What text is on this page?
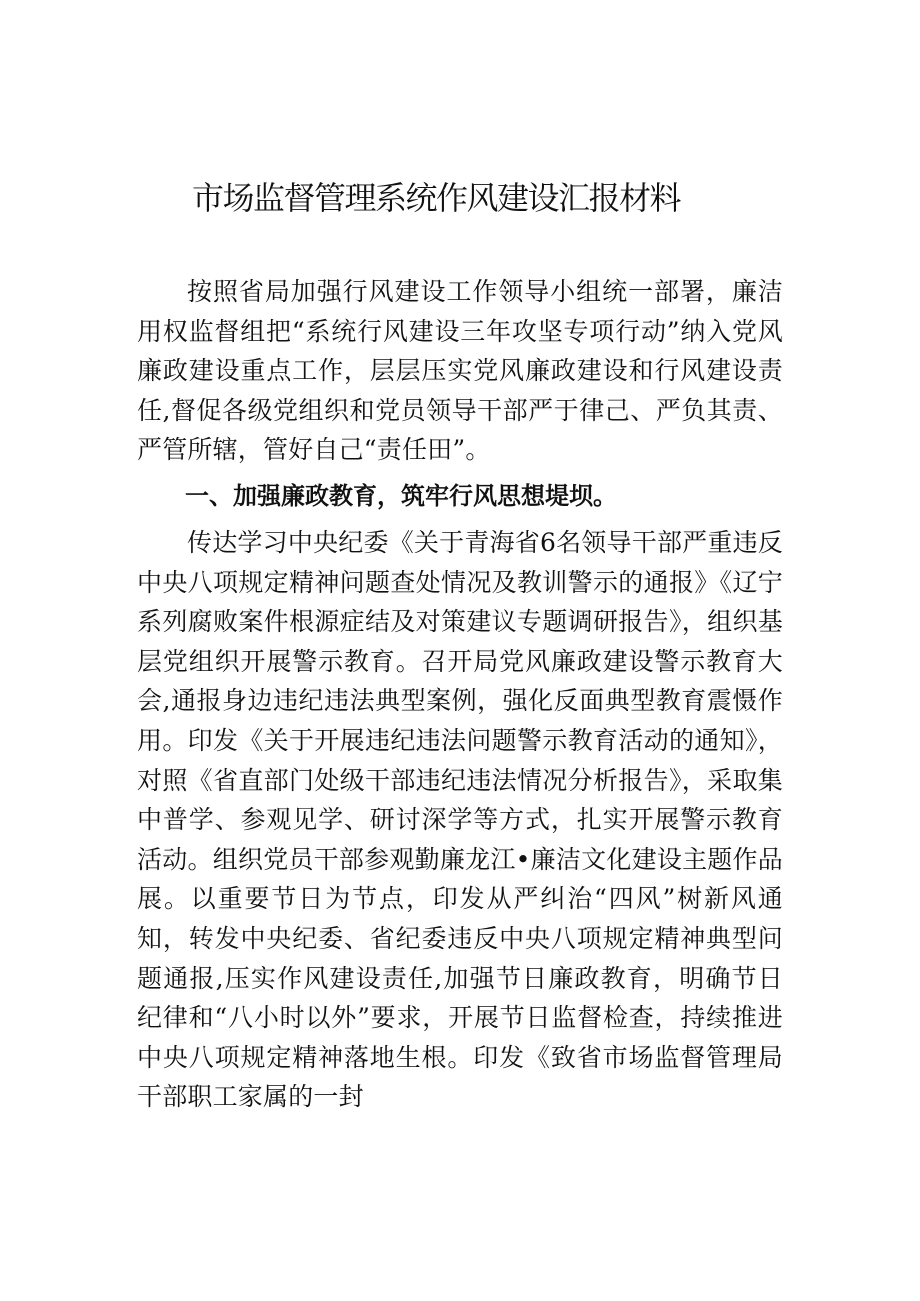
市场监督管理系统作风建设汇报材料

按照省局加强行风建设工作领导小组统一部署，廉洁用权监督组把“系统行风建设三年攻坚专项行动”纳入党风廉政建设重点工作，层层压实党风廉政建设和行风建设责任,督促各级党组织和党员领导干部严于律己、严负其责、严管所辖，管好自己“责任田”。

一、加强廉政教育，筑牢行风思想堤坝。

传达学习中央纪委《关于青海省6名领导干部严重违反中央八项规定精神问题查处情况及教训警示的通报》《辽宁系列腐败案件根源症结及对策建议专题调研报告》，组织基层党组织开展警示教育。召开局党风廉政建设警示教育大会,通报身边违纪违法典型案例，强化反面典型教育震慑作用。印发《关于开展违纪违法问题警示教育活动的通知》，对照《省直部门处级干部违纪违法情况分析报告》，采取集中普学、参观见学、研讨深学等方式，扎实开展警示教育活动。组织党员干部参观勤廉龙江•廉洁文化建设主题作品展。以重要节日为节点，印发从严纠治“四风”树新风通知，转发中央纪委、省纪委违反中央八项规定精神典型问题通报,压实作风建设责任,加强节日廉政教育，明确节日纪律和“八小时以外”要求，开展节日监督检查，持续推进中央八项规定精神落地生根。印发《致省市场监督管理局干部职工家属的一封
